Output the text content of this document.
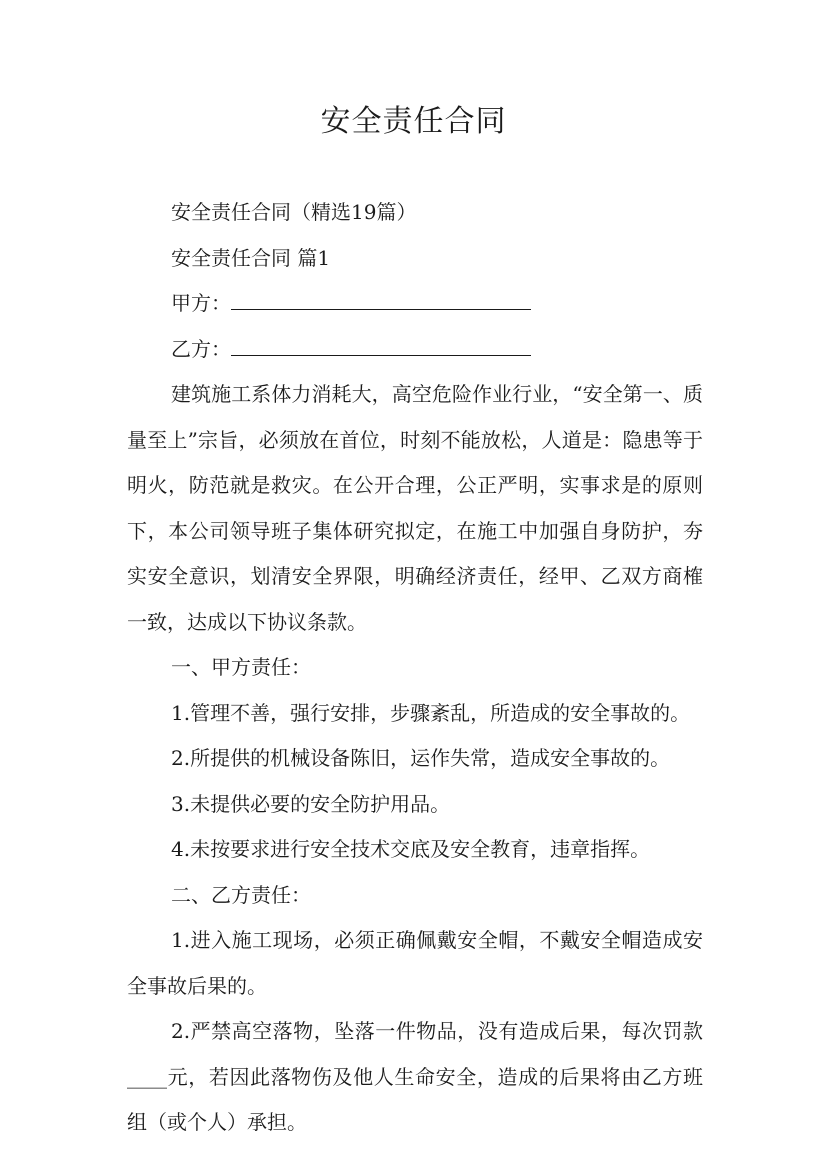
安全责任合同

安全责任合同（精选19篇）

安全责任合同 篇1

甲方：

乙方：

建筑施工系体力消耗大，高空危险作业行业，“安全第一、质量至上”宗旨，必须放在首位，时刻不能放松，人道是：隐患等于明火，防范就是救灾。在公开合理，公正严明，实事求是的原则下，本公司领导班子集体研究拟定，在施工中加强自身防护，夯实安全意识，划清安全界限，明确经济责任，经甲、乙双方商榷一致，达成以下协议条款。

一、甲方责任：

1.管理不善，强行安排，步骤紊乱，所造成的安全事故的。

2.所提供的机械设备陈旧，运作失常，造成安全事故的。

3.未提供必要的安全防护用品。

4.未按要求进行安全技术交底及安全教育，违章指挥。

二、乙方责任：

1.进入施工现场，必须正确佩戴安全帽，不戴安全帽造成安全事故后果的。

2.严禁高空落物，坠落一件物品，没有造成后果，每次罚款____元，若因此落物伤及他人生命安全，造成的后果将由乙方班组（或个人）承担。
